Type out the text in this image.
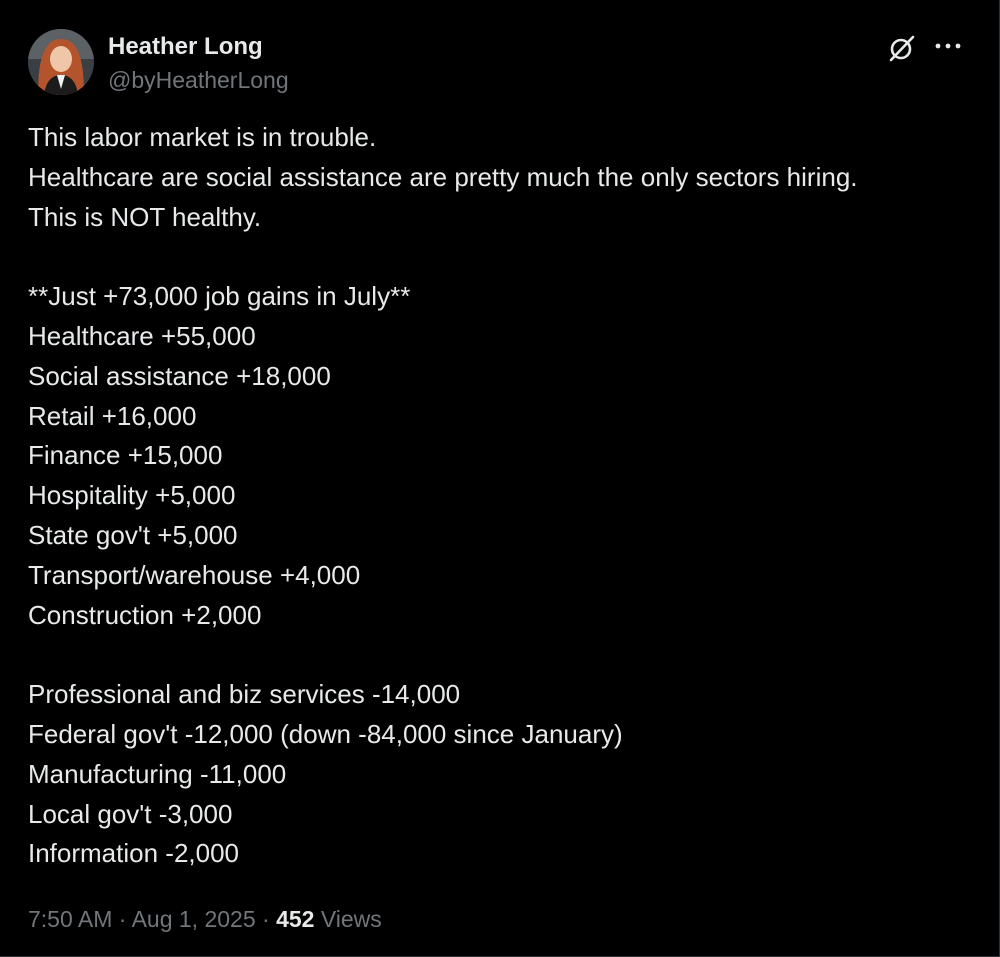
Heather Long
@byHeatherLong
This labor market is in trouble.
Healthcare are social assistance are pretty much the only sectors hiring.
This is NOT healthy.
**Just +73,000 job gains in July**
Healthcare +55,000
Social assistance +18,000
Retail +16,000
Finance +15,000
Hospitality +5,000
State gov't +5,000
Transport/warehouse +4,000
Construction +2,000
Professional and biz services -14,000
Federal gov't -12,000 (down -84,000 since January)
Manufacturing -11,000
Local gov't -3,000
Information -2,000
7:50 AM · Aug 1, 2025 · 452 Views
